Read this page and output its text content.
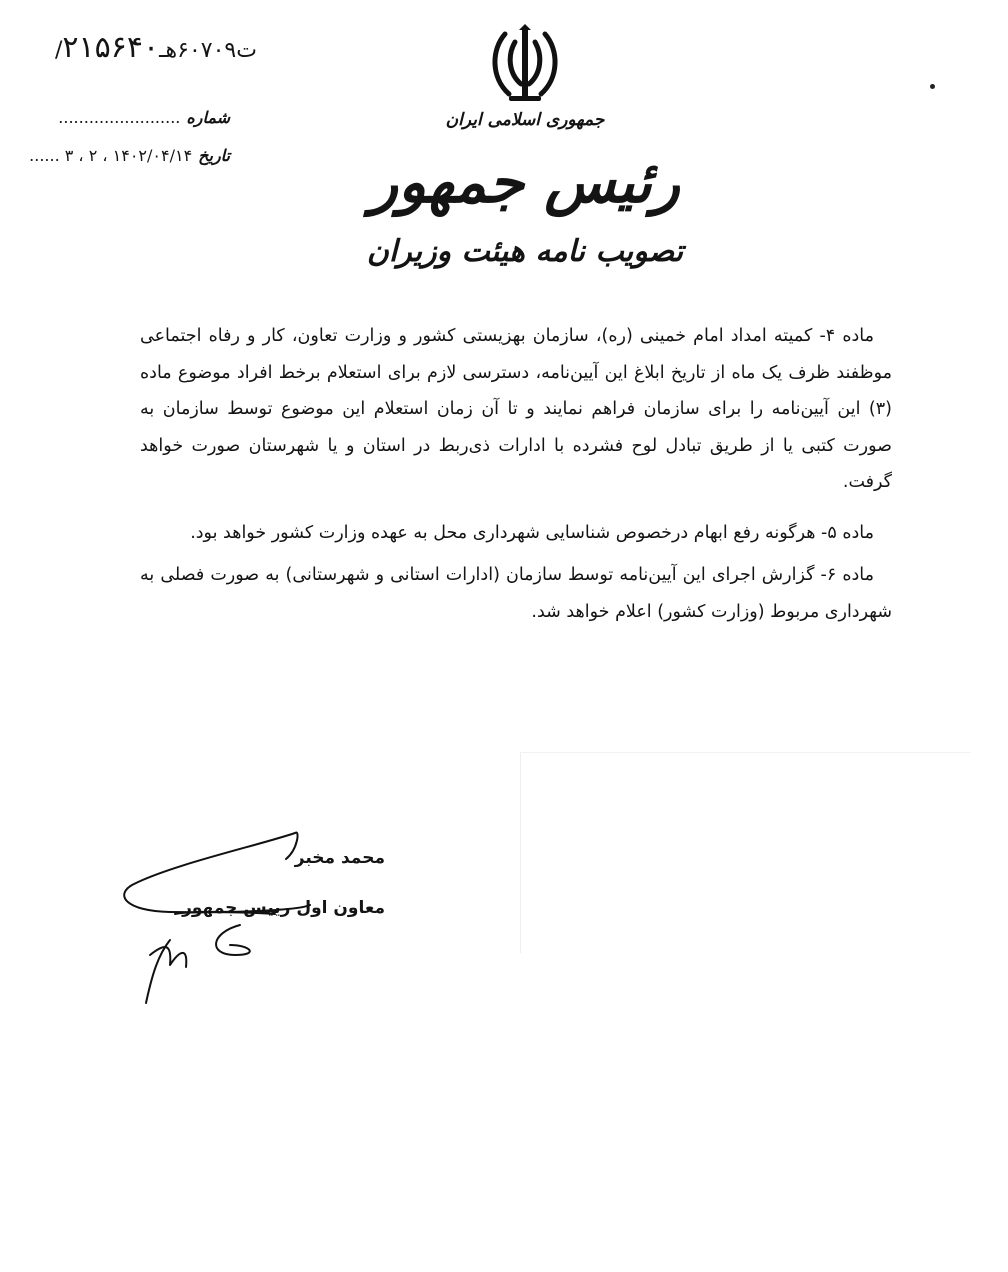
/ت۶۰۷۰۹هـ۲۱۵۶۴۰
شماره........................
تاریخ۱۴۰۲/۰۴/۱۴ ، ۲ ، ۳ ......
جمهوری اسلامی ایران
رئیس جمهور
تصویب نامه هیئت وزیران

ماده ۴- کمیته امداد امام خمینی (ره)، سازمان بهزیستی کشور و وزارت تعاون، کار و رفاه اجتماعی موظفند ظرف یک ماه از تاریخ ابلاغ این آیین‌نامه، دسترسی لازم برای استعلام برخط افراد موضوع ماده (۳) این آیین‌نامه را برای سازمان فراهم نمایند و تا آن زمان استعلام این موضوع توسط سازمان به صورت کتبی یا از طریق تبادل لوح فشرده با ادارات ذی‌ربط در استان و یا شهرستان صورت خواهد گرفت.

ماده ۵- هرگونه رفع ابهام درخصوص شناسایی شهرداری محل به عهده وزارت کشور خواهد بود.

ماده ۶- گزارش اجرای این آیین‌نامه توسط سازمان (ادارات استانی و شهرستانی) به صورت فصلی به شهرداری مربوط (وزارت کشور) اعلام خواهد شد.

محمد مخبر
معاون اول رییس جمهور
